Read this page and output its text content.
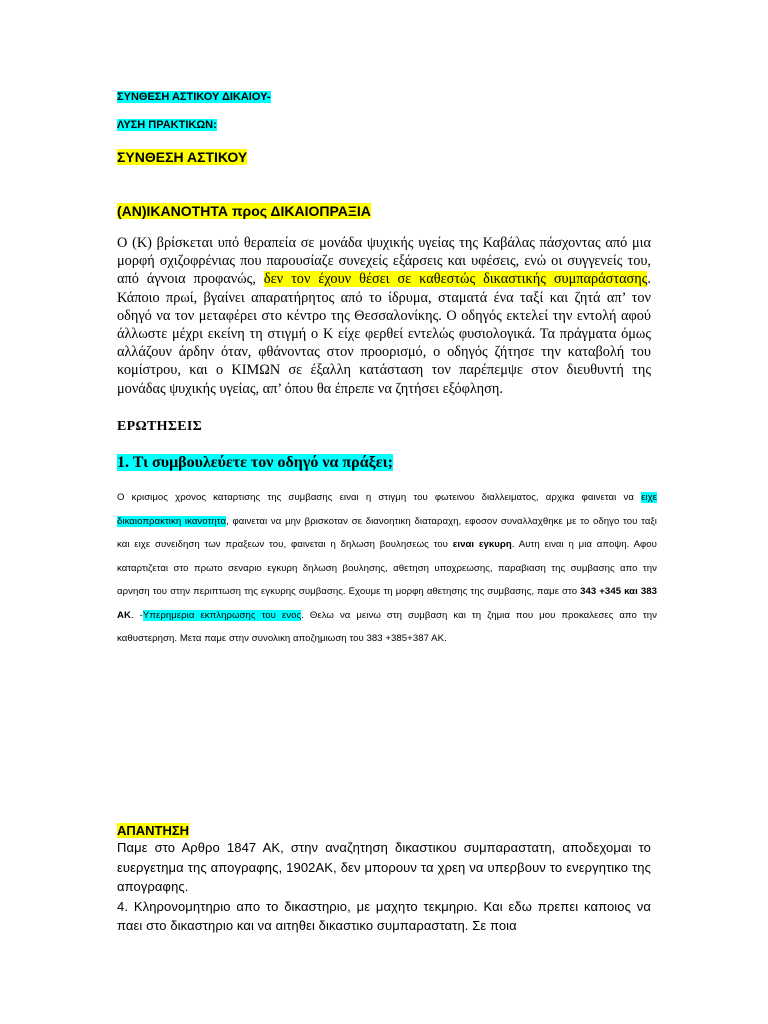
ΣΥΝΘΕΣΗ ΑΣΤΙΚΟΥ ΔΙΚΑΙΟΥ-
ΛΥΣΗ ΠΡΑΚΤΙΚΩΝ:
ΣΥΝΘΕΣΗ ΑΣΤΙΚΟΥ
(ΑΝ)ΙΚΑΝΟΤΗΤΑ προς ΔΙΚΑΙΟΠΡΑΞΙΑ
Ο (Κ) βρίσκεται υπό θεραπεία σε μονάδα ψυχικής υγείας της Καβάλας πάσχοντας από μια μορφή σχιζοφρένιας που παρουσίαζε συνεχείς εξάρσεις και υφέσεις, ενώ οι συγγενείς του, από άγνοια προφανώς, δεν τον έχουν θέσει σε καθεστώς δικαστικής συμπαράστασης. Κάποιο πρωί, βγαίνει απαρατήρητος από το ίδρυμα, σταματά ένα ταξί και ζητά απ’ τον οδηγό να τον μεταφέρει στο κέντρο της Θεσσαλονίκης. Ο οδηγός εκτελεί την εντολή αφού άλλωστε μέχρι εκείνη τη στιγμή ο Κ είχε φερθεί εντελώς φυσιολογικά. Τα πράγματα όμως αλλάζουν άρδην όταν, φθάνοντας στον προορισμό, ο οδηγός ζήτησε την καταβολή του κομίστρου, και ο ΚΙΜΩΝ σε έξαλλη κατάσταση τον παρέπεμψε στον διευθυντή της μονάδας ψυχικής υγείας, απ’ όπου θα έπρεπε να ζητήσει εξόφληση.
ΕΡΩΤΗΣΕΙΣ
1. Τι συμβουλεύετε τον οδηγό να πράξει;
Ο κρισιμος χρονος καταρτισης της συμβασης ειναι η στιγμη του φωτεινου διαλλειματος, αρχικα φαινεται να ειχε δικαιοπρακτικη ικανοτητα, φαινεται να μην βρισκοταν σε διανοητικη διαταραχη, εφοσον συναλλαχθηκε με το οδηγο του ταξι και ειχε συνειδηση των πραξεων του, φαινεται η δηλωση βουλησεως του ειναι εγκυρη. Αυτη ειναι η μια αποψη. Αφου καταρτιζεται στο πρωτο σεναριο εγκυρη δηλωση βουλησης, αθετηση υποχρεωσης, παραβιαση της συμβασης απο την αρνηση του στην περιπτωση της εγκυρης συμβασης. Εχουμε τη μορφη αθετησης της συμβασης, παμε στο 343 +345 και 383 ΑΚ. -Υπερημερια εκπληρωσης του ενος. Θελω να μεινω στη συμβαση και τη ζημια που μου προκαλεσες απο την καθυστερηση. Μετα παμε στην συνολικη αποζημιωση του 383 +385+387 ΑΚ.
ΑΠΑΝΤΗΣΗ
Παμε στο Αρθρο 1847 ΑΚ, στην αναζητηση δικαστικου συμπαραστατη, αποδεχομαι το ευεργετημα της απογραφης, 1902ΑΚ, δεν μπορουν τα χρεη να υπερβουν το ενεργητικο της απογραφης.
4. Κληρονομητηριο απο το δικαστηριο, με μαχητο τεκμηριο. Και εδω πρεπει καποιος να παει στο δικαστηριο και να αιτηθει δικαστικο συμπαραστατη. Σε ποια
